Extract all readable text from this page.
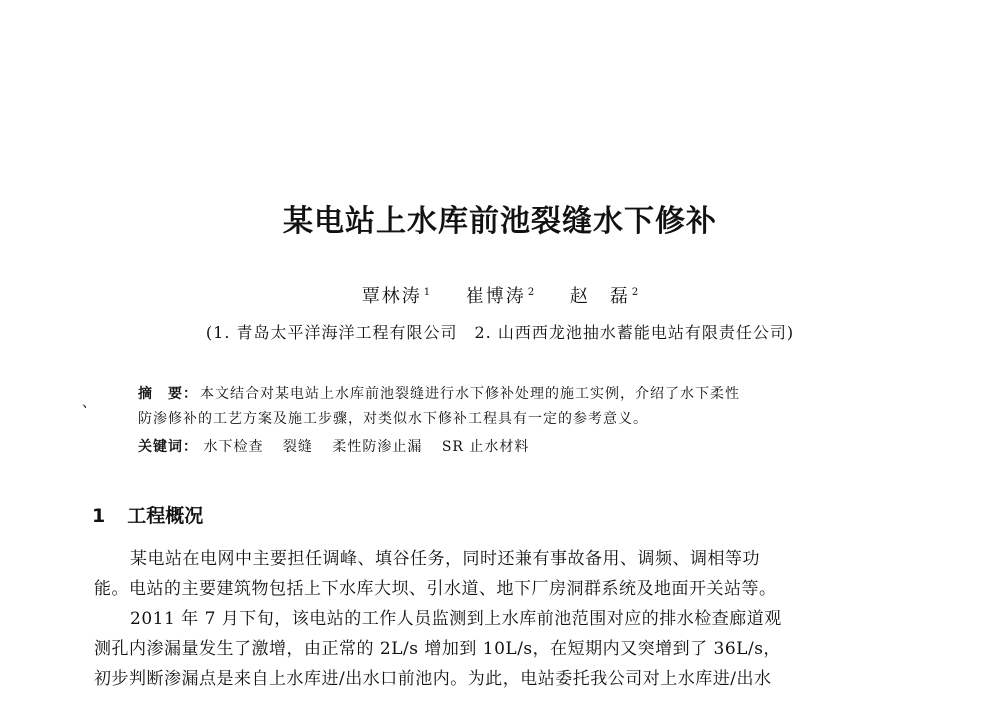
某电站上水库前池裂缝水下修补
覃林涛 $^1$ 崔博涛 $^2$ 赵　磊 $^2$
(1. 青岛太平洋海洋工程有限公司　2. 山西西龙池抽水蓄能电站有限责任公司)
、
摘　要： 本文结合对某电站上水库前池裂缝进行水下修补处理的施工实例，介绍了水下柔性
防渗修补的工艺方案及施工步骤，对类似水下修补工程具有一定的参考意义。
关键词： 水下检查 裂缝 柔性防渗止漏 SR 止水材料
1 工程概况
某电站在电网中主要担任调峰、填谷任务，同时还兼有事故备用、调频、调相等功
能。电站的主要建筑物包括上下水库大坝、引水道、地下厂房洞群系统及地面开关站等。
2011 年 7 月下旬，该电站的工作人员监测到上水库前池范围对应的排水检查廊道观
测孔内渗漏量发生了激增，由正常的 2L/s 增加到 10L/s，在短期内又突增到了 36L/s，
初步判断渗漏点是来自上水库进/出水口前池内。为此，电站委托我公司对上水库进/出水
